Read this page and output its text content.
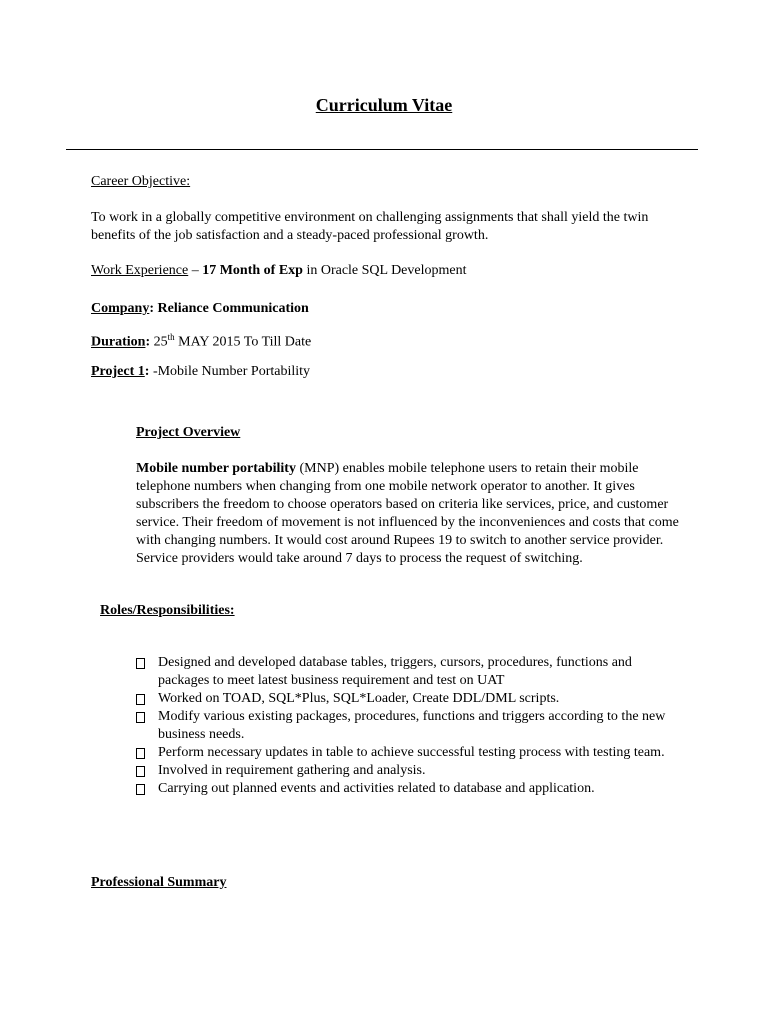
Curriculum Vitae
Career Objective:

To work in a globally competitive environment on challenging assignments that shall yield the twin benefits of the job satisfaction and a steady-paced professional growth.

Work Experience – 17 Month of Exp in Oracle SQL Development
Company: Reliance Communication
Duration: 25th MAY 2015 To Till Date
Project 1: -Mobile Number Portability
Project Overview

Mobile number portability (MNP) enables mobile telephone users to retain their mobile telephone numbers when changing from one mobile network operator to another. It gives subscribers the freedom to choose operators based on criteria like services, price, and customer service. Their freedom of movement is not influenced by the inconveniences and costs that come with changing numbers. It would cost around Rupees 19 to switch to another service provider. Service providers would take around 7 days to process the request of switching.

Roles/Responsibilities:
Designed and developed database tables, triggers, cursors, procedures, functions and packages to meet latest business requirement and test on UAT
Worked on TOAD, SQL*Plus, SQL*Loader, Create DDL/DML scripts.
Modify various existing packages, procedures, functions and triggers according to the new business needs.
Perform necessary updates in table to achieve successful testing process with testing team.
Involved in requirement gathering and analysis.
Carrying out planned events and activities related to database and application.
Professional Summary
